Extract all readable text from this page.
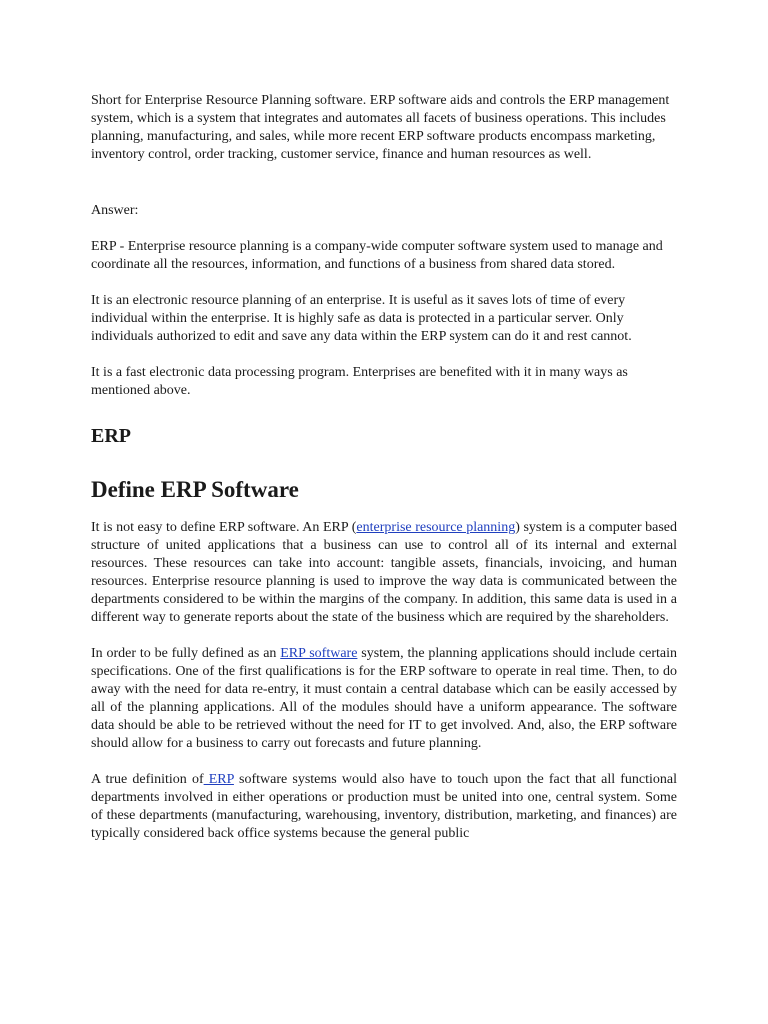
Short for Enterprise Resource Planning software. ERP software aids and controls the ERP management system, which is a system that integrates and automates all facets of business operations. This includes planning, manufacturing, and sales, while more recent ERP software products encompass marketing, inventory control, order tracking, customer service, finance and human resources as well.

Answer:

ERP - Enterprise resource planning is a company-wide computer software system used to manage and coordinate all the resources, information, and functions of a business from shared data stored.

It is an electronic resource planning of an enterprise. It is useful as it saves lots of time of every individual within the enterprise. It is highly safe as data is protected in a particular server. Only individuals authorized to edit and save any data within the ERP system can do it and rest cannot.

It is a fast electronic data processing program. Enterprises are benefited with it in many ways as mentioned above.

ERP
Define ERP Software

It is not easy to define ERP software. An ERP (enterprise resource planning) system is a computer based structure of united applications that a business can use to control all of its internal and external resources. These resources can take into account: tangible assets, financials, invoicing, and human resources. Enterprise resource planning is used to improve the way data is communicated between the departments considered to be within the margins of the company. In addition, this same data is used in a different way to generate reports about the state of the business which are required by the shareholders.

In order to be fully defined as an ERP software system, the planning applications should include certain specifications. One of the first qualifications is for the ERP software to operate in real time. Then, to do away with the need for data re-entry, it must contain a central database which can be easily accessed by all of the planning applications. All of the modules should have a uniform appearance. The software data should be able to be retrieved without the need for IT to get involved. And, also, the ERP software should allow for a business to carry out forecasts and future planning.

A true definition of ERP software systems would also have to touch upon the fact that all functional departments involved in either operations or production must be united into one, central system. Some of these departments (manufacturing, warehousing, inventory, distribution, marketing, and finances) are typically considered back office systems because the general public
